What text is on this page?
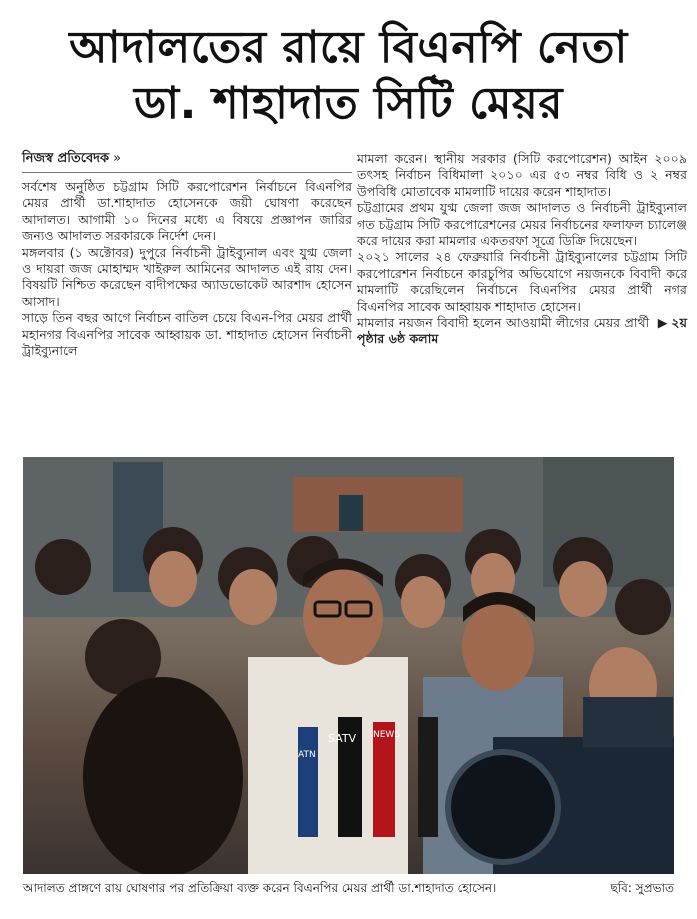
আদালতের রায়ে বিএনপি নেতা
ডা. শাহাদাত সিটি মেয়র
নিজস্ব প্রতিবেদক »

সর্বশেষ অনুষ্ঠিত চট্টগ্রাম সিটি করপোরেশন নির্বাচনে বিএনপির মেয়র প্রার্থী ডা.শাহাদাত হোসেনকে জয়ী ঘোষণা করেছেন আদালত। আগামী ১০ দিনের মধ্যে এ বিষয়ে প্রজ্ঞাপন জারির জন্যও আদালত সরকারকে নির্দেশ দেন।

মঙ্গলবার (১ অক্টোবর) দুপুরে নির্বাচনী ট্রাইব্যুনাল এবং যুগ্ম জেলা ও দায়রা জজ মোহাম্মদ খাইরুল আমিনের আদালত এই রায় দেন। বিষয়টি নিশ্চিত করেছেন বাদীপক্ষের অ্যাডভোকেট আরশাদ হোসেন আসাদ।

সাড়ে তিন বছর আগে নির্বাচন বাতিল চেয়ে বিএন-পির মেয়র প্রার্থী মহানগর বিএনপির সাবেক আহ্বায়ক ডা. শাহাদাত হোসেন নির্বাচনী ট্রাইব্যুনালে

মামলা করেন। স্থানীয় সরকার (সিটি করপোরেশন) আইন ২০০৯ তৎসহ নির্বাচন বিধিমালা ২০১০ এর ৫৩ নম্বর বিধি ও ২ নম্বর উপবিধি মোতাবেক মামলাটি দায়ের করেন শাহাদাত।

চট্টগ্রামের প্রথম যুগ্ম জেলা জজ আদালত ও নির্বাচনী ট্রাইব্যুনাল গত চট্টগ্রাম সিটি করপোরেশনের মেয়র নির্বাচনের ফলাফল চ্যালেঞ্জ করে দায়ের করা মামলার একতরফা সূত্রে ডিক্রি দিয়েছেন।

২০২১ সালের ২৪ ফেব্রুয়ারি নির্বাচনী ট্রাইব্যুনালের চট্টগ্রাম সিটি করপোরেশন নির্বাচনে কারচুপির অভিযোগে নয়জনকে বিবাদী করে মামলাটি করেছিলেন নির্বাচনে বিএনপির মেয়র প্রার্থী নগর বিএনপির সাবেক আহ্বায়ক শাহাদাত হোসেন।

মামলার নয়জন বিবাদী হলেন আওয়ামী লীগের মেয়র প্রার্থী ▶ ২য় পৃষ্ঠার ৬ষ্ঠ কলাম

SATV NEWS
ATN
আদালত প্রাঙ্গণে রায় ঘোষণার পর প্রতিক্রিয়া ব্যক্ত করেন বিএনপির মেয়র প্রার্থী ডা.শাহাদাত হোসেন।	ছবি: সুপ্রভাত
